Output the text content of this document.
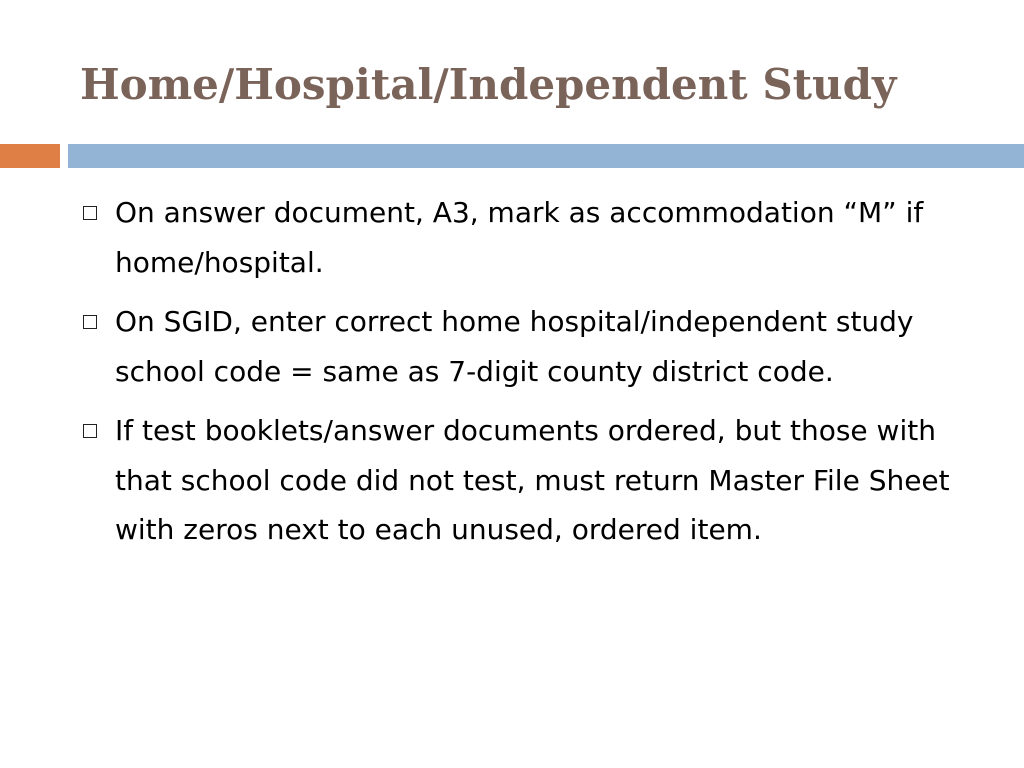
Home/Hospital/Independent Study
On answer document, A3, mark as accommodation “M” if home/hospital.
On SGID, enter correct home hospital/independent study school code = same as 7-digit county district code.
If test booklets/answer documents ordered, but those with that school code did not test, must return Master File Sheet with zeros next to each unused, ordered item.
